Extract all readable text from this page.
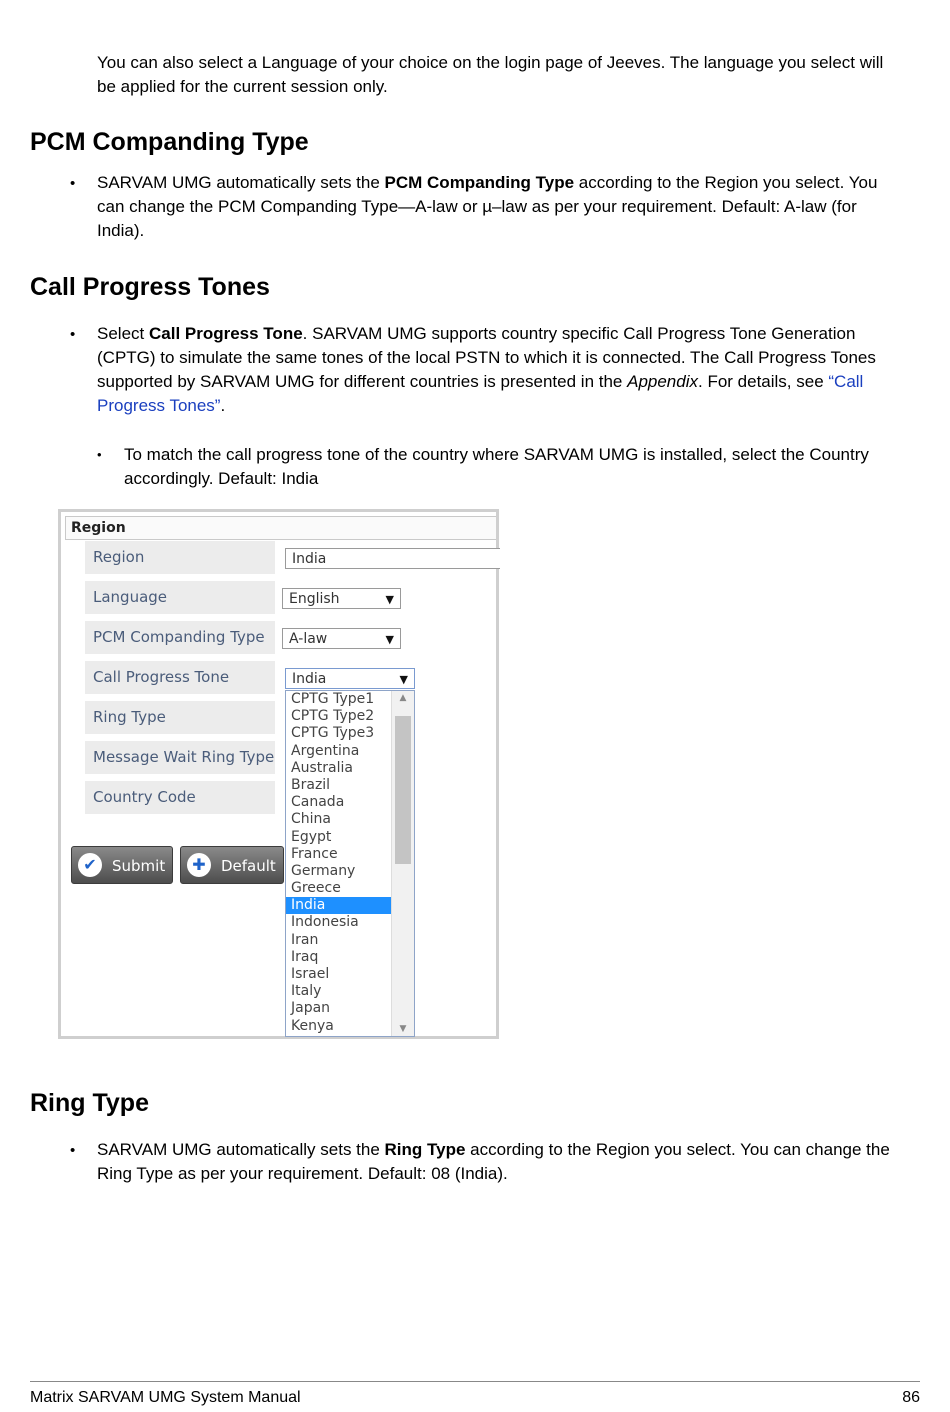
You can also select a Language of your choice on the login page of Jeeves. The language you select will
be applied for the current session only.
PCM Companding Type
• SARVAM UMG automatically sets the PCM Companding Type according to the Region you select. You
can change the PCM Companding Type—A-law or µ–law as per your requirement. Default: A-law (for
India).
Call Progress Tones
• Select Call Progress Tone. SARVAM UMG supports country specific Call Progress Tone Generation
(CPTG) to simulate the same tones of the local PSTN to which it is connected. The Call Progress Tones
supported by SARVAM UMG for different countries is presented in the Appendix. For details, see “Call
Progress Tones”.
• To match the call progress tone of the country where SARVAM UMG is installed, select the Country
accordingly. Default: India
Region
Region	India
Language	English	▼
PCM Companding Type	A-law	▼
Call Progress Tone	India	▼
Ring Type
Message Wait Ring Type
Country Code
CPTG Type1
CPTG Type2
CPTG Type3
Argentina
Australia
Brazil
Canada
China
Egypt
France
Germany
Greece
India
Indonesia
Iran
Iraq
Israel
Italy
Japan
Kenya
▲
▼
✔	Submit	✚	Default
Ring Type
• SARVAM UMG automatically sets the Ring Type according to the Region you select. You can change the
Ring Type as per your requirement. Default: 08 (India).
Matrix SARVAM UMG System Manual	86
